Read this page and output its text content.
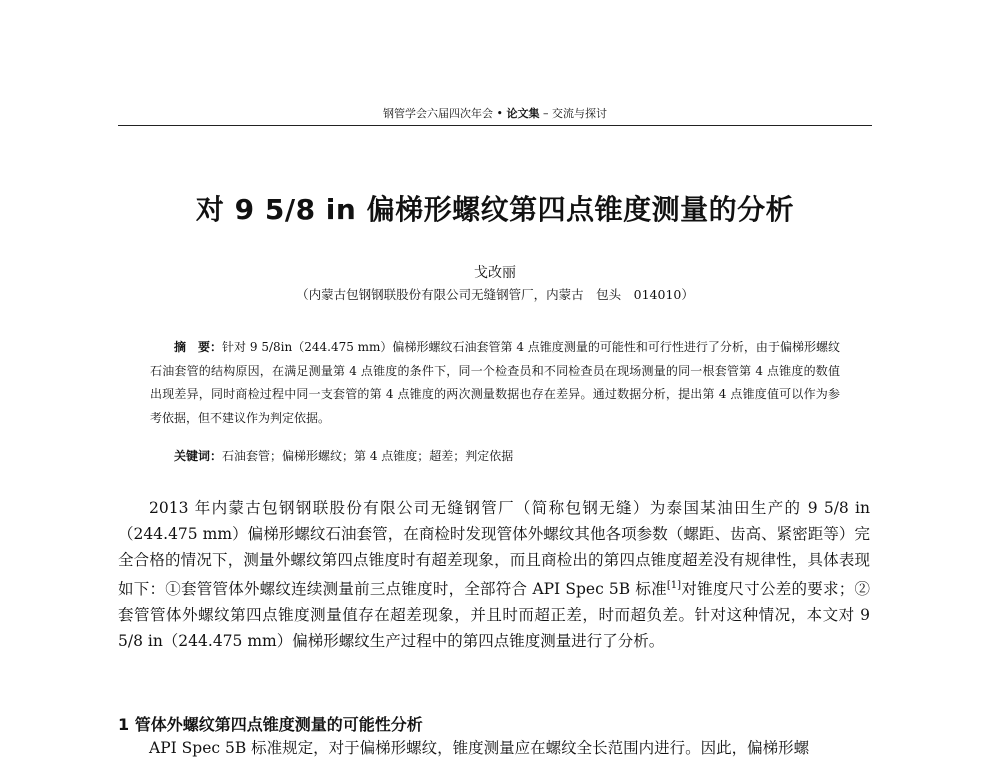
钢管学会六届四次年会 • 论文集 – 交流与探讨
对 9 5/8 in 偏梯形螺纹第四点锥度测量的分析
戈改丽
（内蒙古包钢钢联股份有限公司无缝钢管厂，内蒙古　包头　014010）
摘　要：针对 9 5/8in（244.475 mm）偏梯形螺纹石油套管第 4 点锥度测量的可能性和可行性进行了分析，由于偏梯形螺纹石油套管的结构原因，在满足测量第 4 点锥度的条件下，同一个检查员和不同检查员在现场测量的同一根套管第 4 点锥度的数值出现差异，同时商检过程中同一支套管的第 4 点锥度的两次测量数据也存在差异。通过数据分析，提出第 4 点锥度值可以作为参考依据，但不建议作为判定依据。
关键词：石油套管；偏梯形螺纹；第 4 点锥度；超差；判定依据
2013 年内蒙古包钢钢联股份有限公司无缝钢管厂（简称包钢无缝）为泰国某油田生产的 9 5/8 in（244.475 mm）偏梯形螺纹石油套管，在商检时发现管体外螺纹其他各项参数（螺距、齿高、紧密距等）完全合格的情况下，测量外螺纹第四点锥度时有超差现象，而且商检出的第四点锥度超差没有规律性，具体表现如下：①套管管体外螺纹连续测量前三点锥度时，全部符合 API Spec 5B 标准[1]对锥度尺寸公差的要求；②套管管体外螺纹第四点锥度测量值存在超差现象，并且时而超正差，时而超负差。针对这种情况，本文对 9 5/8 in（244.475 mm）偏梯形螺纹生产过程中的第四点锥度测量进行了分析。
1 管体外螺纹第四点锥度测量的可能性分析
API Spec 5B 标准规定，对于偏梯形螺纹，锥度测量应在螺纹全长范围内进行。因此，偏梯形螺
